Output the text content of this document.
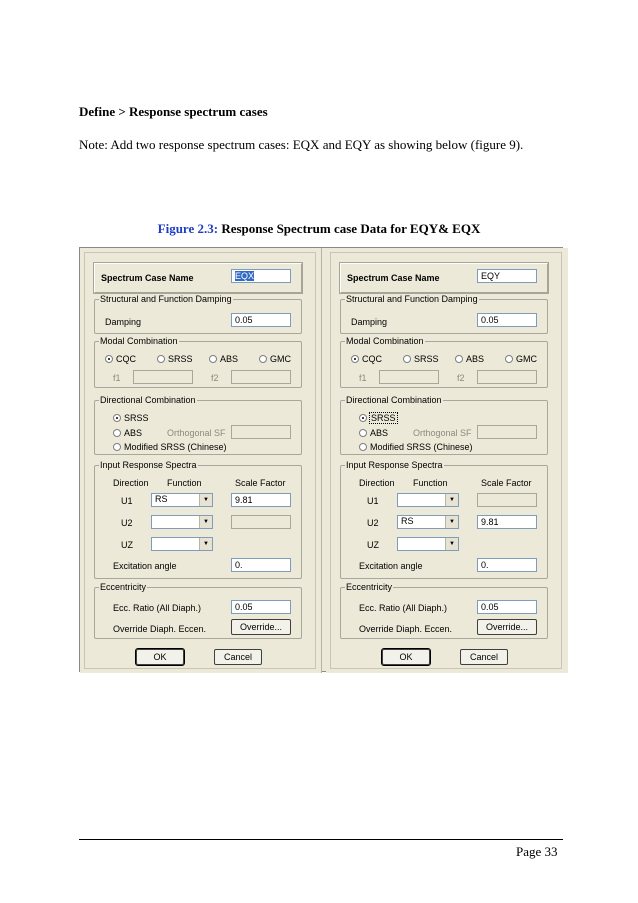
Define > Response spectrum cases
Note: Add two response spectrum cases: EQX and EQY as showing below (figure 9).
Figure 2.3: Response Spectrum case Data for EQY& EQX
Spectrum Case Name	EQX
Structural and Function Damping
Damping	0.05
Modal Combination
CQC	SRSS	ABS	GMC
f1	f2
Directional Combination
SRSS
ABS	Orthogonal SF
Modified SRSS (Chinese)
Input Response Spectra
Direction Function	Scale Factor
U1	RS	▼	9.81
U2	▼
UZ	▼
Excitation angle	0.
Eccentricity
Ecc. Ratio (All Diaph.)	0.05
Override Diaph. Eccen.	Override...
OK	Cancel
Spectrum Case Name	EQY
Structural and Function Damping
Damping	0.05
Modal Combination
CQC	SRSS	ABS	GMC
f1	f2
Directional Combination
SRSS
ABS	Orthogonal SF
Modified SRSS (Chinese)
Input Response Spectra
Direction Function	Scale Factor
U1	▼
U2	RS	▼	9.81
UZ	▼
Excitation angle	0.
Eccentricity
Ecc. Ratio (All Diaph.)	0.05
Override Diaph. Eccen.	Override...
OK	Cancel
Page 33
